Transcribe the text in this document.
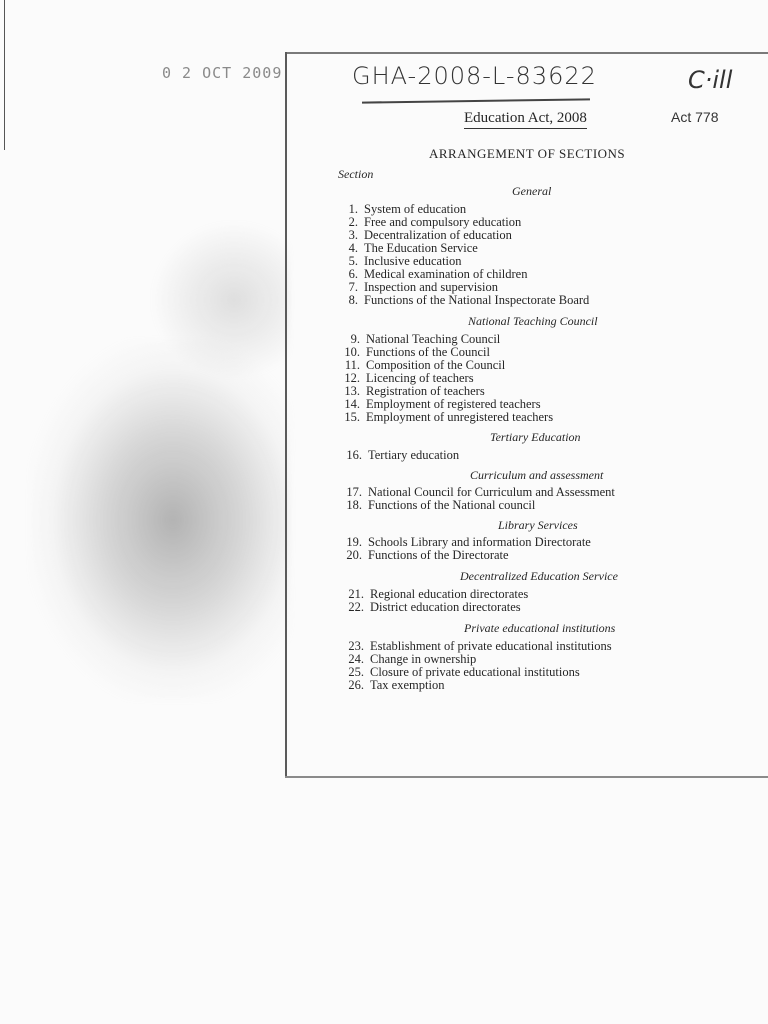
0 2 OCT 2009	GHA-2008-L-83622	C·ill
Education Act, 2008	Act 778
ARRANGEMENT OF SECTIONS
Section
General
1. System of education
2. Free and compulsory education
3. Decentralization of education
4. The Education Service
5. Inclusive education
6. Medical examination of children
7. Inspection and supervision
8. Functions of the National Inspectorate Board
National Teaching Council
9. National Teaching Council
10. Functions of the Council
11. Composition of the Council
12. Licencing of teachers
13. Registration of teachers
14. Employment of registered teachers
15. Employment of unregistered teachers
Tertiary Education
16. Tertiary education
Curriculum and assessment
17. National Council for Curriculum and Assessment
18. Functions of the National council
Library Services
19. Schools Library and information Directorate
20. Functions of the Directorate
Decentralized Education Service
21. Regional education directorates
22. District education directorates
Private educational institutions
23. Establishment of private educational institutions
24. Change in ownership
25. Closure of private educational institutions
26. Tax exemption
